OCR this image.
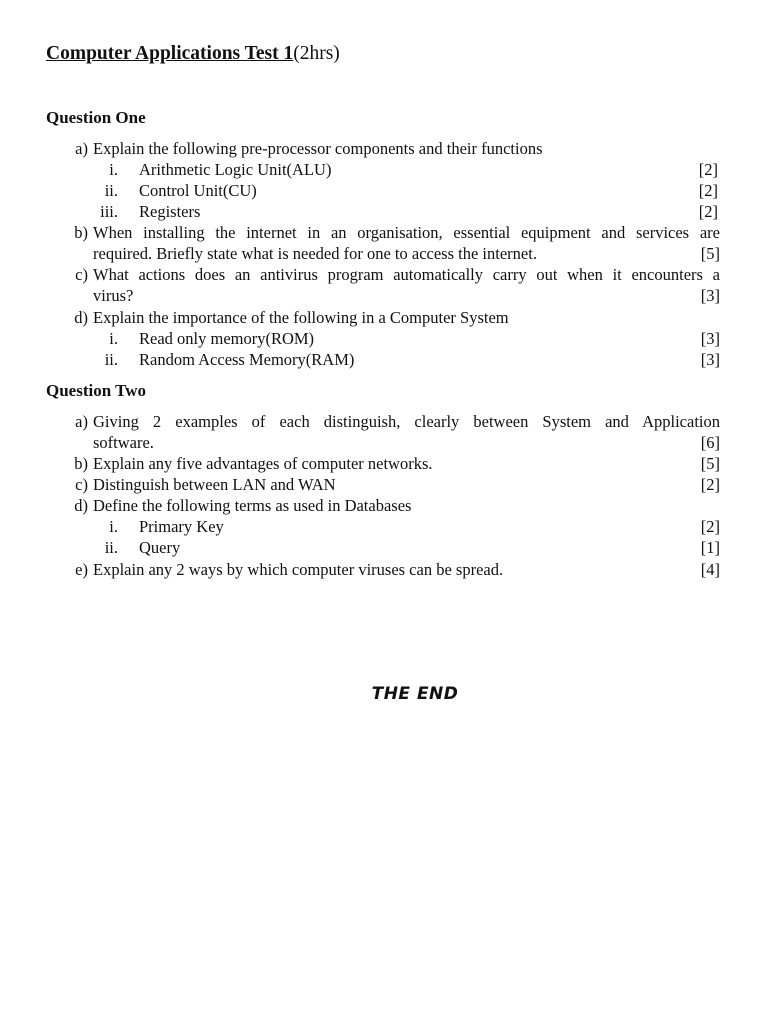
Computer Applications Test 1(2hrs)
Question One
a) Explain the following pre-processor components and their functions
i. Arithmetic Logic Unit(ALU)	[2]
ii. Control Unit(CU)	[2]
iii. Registers	[2]
b) When installing the internet in an organisation, essential equipment and services are
required. Briefly state what is needed for one to access the internet.	[5]
c) What actions does an antivirus program automatically carry out when it encounters a
virus?	[3]
d) Explain the importance of the following in a Computer System
i. Read only memory(ROM)	[3]
ii. Random Access Memory(RAM)	[3]
Question Two
a) Giving 2 examples of each distinguish, clearly between System and Application
software.	[6]
b) Explain any five advantages of computer networks.	[5]
c) Distinguish between LAN and WAN	[2]
d) Define the following terms as used in Databases
i. Primary Key	[2]
ii. Query	[1]
e) Explain any 2 ways by which computer viruses can be spread.	[4]
THE END
